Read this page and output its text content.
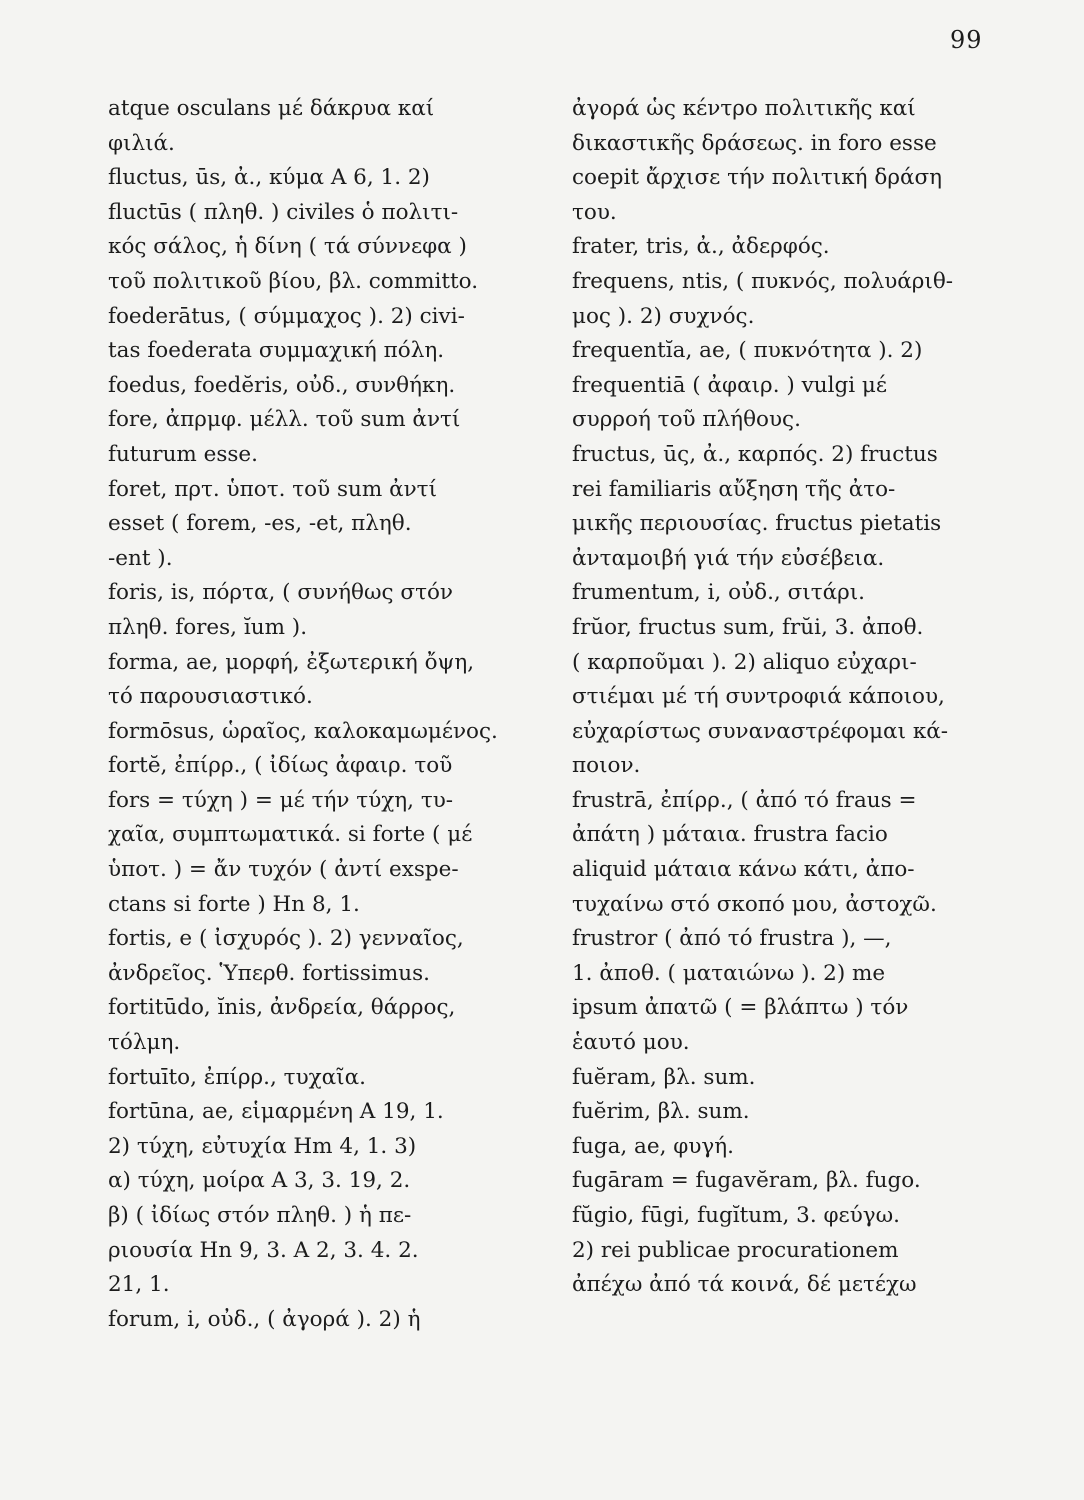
99
atque osculans μέ δάκρυα καί
φιλιά.
fluctus, ūs, ἀ., κύμα A 6, 1. 2)
fluctūs ( πληθ. ) civiles ὁ πολιτι-
κός σάλος, ἡ δίνη ( τά σύννεφα )
τοῦ πολιτικοῦ βίου, βλ. committo.
foederātus, ( σύμμαχος ). 2) civi-
tas foederata συμμαχική πόλη.
foedus, foedĕris, οὐδ., συνθήκη.
fore, ἀπρμφ. μέλλ. τοῦ sum ἀντί
futurum esse.
foret, πρτ. ὑποτ. τοῦ sum ἀντί
esset ( forem, -es, -et, πληθ.
-ent ).
foris, is, πόρτα, ( συνήθως στόν
πληθ. fores, ĭum ).
forma, ae, μορφή, ἐξωτερική ὄψη,
τό παρουσιαστικό.
formōsus, ὡραῖος, καλοκαμωμένος.
fortĕ, ἐπίρρ., ( ἰδίως ἀφαιρ. τοῦ
fors = τύχη ) = μέ τήν τύχη, τυ-
χαῖα, συμπτωματικά. si forte ( μέ
ὑποτ. ) = ἄν τυχόν ( ἀντί exspe-
ctans si forte ) Hn 8, 1.
fortis, e ( ἰσχυρός ). 2) γενναῖος,
ἀνδρεῖος. Ὑπερθ. fortissimus.
fortitūdo, ĭnis, ἀνδρεία, θάρρος,
τόλμη.
fortuīto, ἐπίρρ., τυχαῖα.
fortūna, ae, εἱμαρμένη A 19, 1.
2) τύχη, εὐτυχία Hm 4, 1. 3)
α) τύχη, μοίρα A 3, 3. 19, 2.
β) ( ἰδίως στόν πληθ. ) ἡ πε-
ριουσία Hn 9, 3. A 2, 3. 4. 2.
21, 1.
forum, i, οὐδ., ( ἀγορά ). 2) ἡ
ἀγορά ὡς κέντρο πολιτικῆς καί
δικαστικῆς δράσεως. in foro esse
coepit ἄρχισε τήν πολιτική δράση
του.
frater, tris, ἀ., ἀδερφός.
frequens, ntis, ( πυκνός, πολυάριθ-
μος ). 2) συχνός.
frequentĭa, ae, ( πυκνότητα ). 2)
frequentiā ( ἀφαιρ. ) vulgi μέ
συρροή τοῦ πλήθους.
fructus, ūς, ἀ., καρπός. 2) fructus
rei familiaris αὔξηση τῆς ἀτο-
μικῆς περιουσίας. fructus pietatis
ἀνταμοιβή γιά τήν εὐσέβεια.
frumentum, i, οὐδ., σιτάρι.
frŭor, fructus sum, frŭi, 3. ἀποθ.
( καρποῦμαι ). 2) aliquo εὐχαρι-
στιέμαι μέ τή συντροφιά κάποιου,
εὐχαρίστως συναναστρέφομαι κά-
ποιον.
frustrā, ἐπίρρ., ( ἀπό τό fraus =
ἀπάτη ) μάταια. frustra facio
aliquid μάταια κάνω κάτι, ἀπο-
τυχαίνω στό σκοπό μου, ἀστοχῶ.
frustror ( ἀπό τό frustra ), —,
1. ἀποθ. ( ματαιώνω ). 2) me
ipsum ἀπατῶ ( = βλάπτω ) τόν
ἑαυτό μου.
fuĕram, βλ. sum.
fuĕrim, βλ. sum.
fuga, ae, φυγή.
fugāram = fugavĕram, βλ. fugo.
fŭgio, fūgi, fugĭtum, 3. φεύγω.
2) rei publicae procurationem
ἀπέχω ἀπό τά κοινά, δέ μετέχω
